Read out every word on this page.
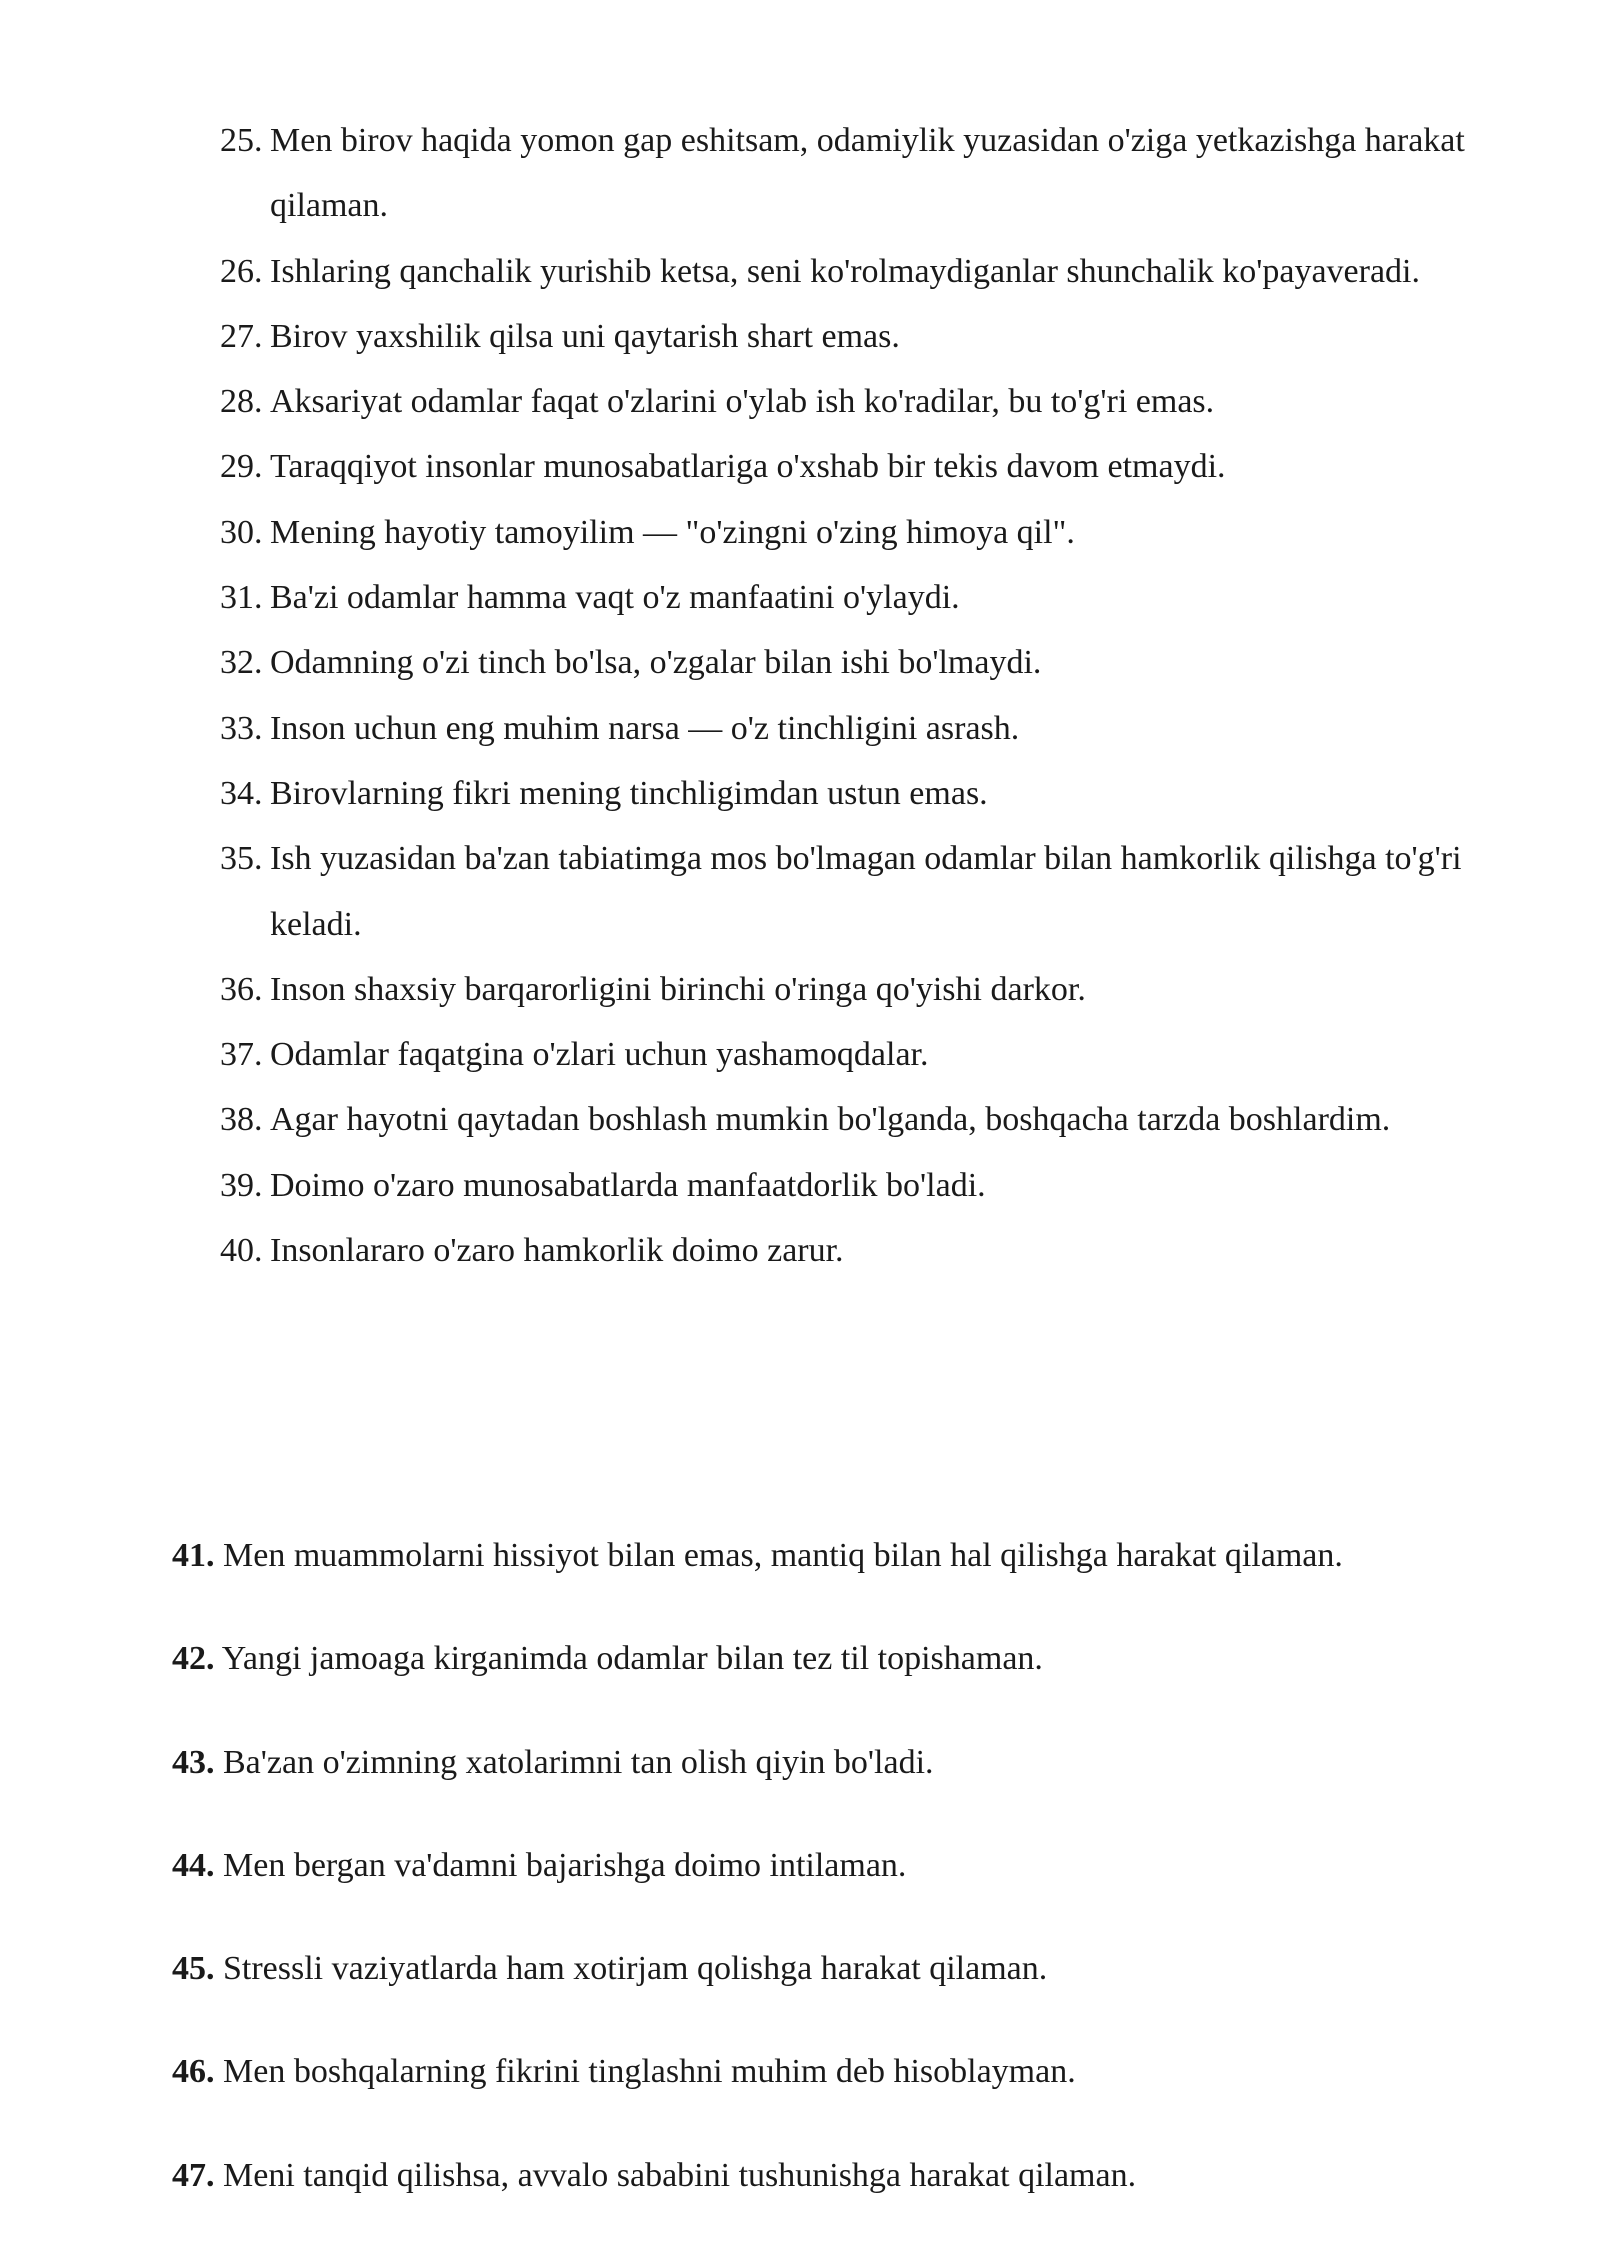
25. Men birov haqida yomon gap eshitsam, odamiylik yuzasidan o'ziga yetkazishga harakat qilaman.
26. Ishlaring qanchalik yurishib ketsa, seni ko'rolmaydiganlar shunchalik ko'payaveradi.
27. Birov yaxshilik qilsa uni qaytarish shart emas.
28. Aksariyat odamlar faqat o'zlarini o'ylab ish ko'radilar, bu to'g'ri emas.
29. Taraqqiyot insonlar munosabatlariga o'xshab bir tekis davom etmaydi.
30. Mening hayotiy tamoyilim — "o'zingni o'zing himoya qil".
31. Ba'zi odamlar hamma vaqt o'z manfaatini o'ylaydi.
32. Odamning o'zi tinch bo'lsa, o'zgalar bilan ishi bo'lmaydi.
33. Inson uchun eng muhim narsa — o'z tinchligini asrash.
34. Birovlarning fikri mening tinchligimdan ustun emas.
35. Ish yuzasidan ba'zan tabiatimga mos bo'lmagan odamlar bilan hamkorlik qilishga to'g'ri keladi.
36. Inson shaxsiy barqarorligini birinchi o'ringa qo'yishi darkor.
37. Odamlar faqatgina o'zlari uchun yashamoqdalar.
38. Agar hayotni qaytadan boshlash mumkin bo'lganda, boshqacha tarzda boshlardim.
39. Doimo o'zaro munosabatlarda manfaatdorlik bo'ladi.
40. Insonlararo o'zaro hamkorlik doimo zarur.
41. Men muammolarni hissiyot bilan emas, mantiq bilan hal qilishga harakat qilaman.
42. Yangi jamoaga kirganimda odamlar bilan tez til topishaman.
43. Ba'zan o'zimning xatolarimni tan olish qiyin bo'ladi.
44. Men bergan va'damni bajarishga doimo intilaman.
45. Stressli vaziyatlarda ham xotirjam qolishga harakat qilaman.
46. Men boshqalarning fikrini tinglashni muhim deb hisoblayman.
47. Meni tanqid qilishsa, avvalo sababini tushunishga harakat qilaman.
